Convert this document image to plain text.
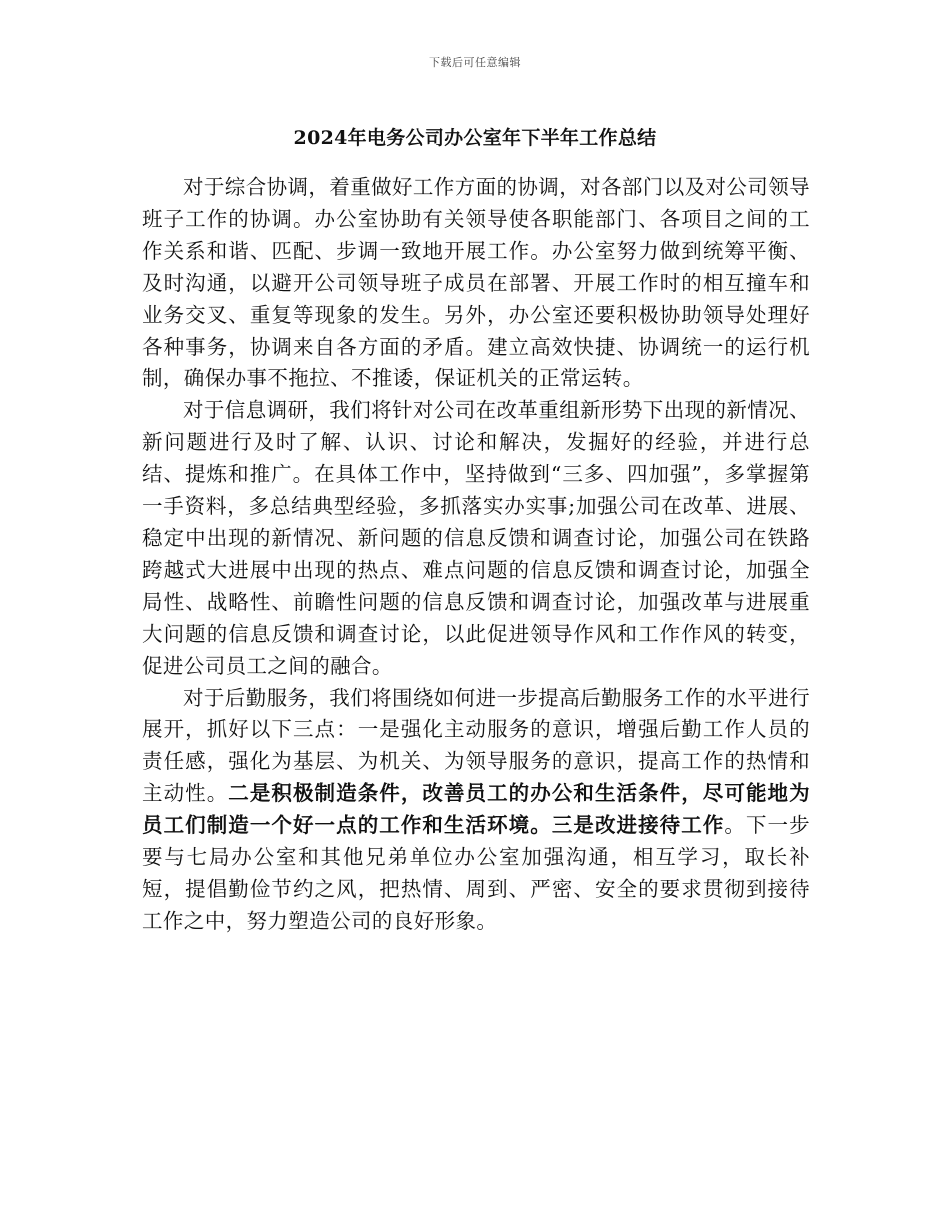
下载后可任意编辑
2024年电务公司办公室年下半年工作总结

对于综合协调，着重做好工作方面的协调，对各部门以及对公司领导班子工作的协调。办公室协助有关领导使各职能部门、各项目之间的工作关系和谐、匹配、步调一致地开展工作。办公室努力做到统筹平衡、及时沟通，以避开公司领导班子成员在部署、开展工作时的相互撞车和业务交叉、重复等现象的发生。另外，办公室还要积极协助领导处理好各种事务，协调来自各方面的矛盾。建立高效快捷、协调统一的运行机制，确保办事不拖拉、不推诿，保证机关的正常运转。

对于信息调研，我们将针对公司在改革重组新形势下出现的新情况、新问题进行及时了解、认识、讨论和解决，发掘好的经验，并进行总结、提炼和推广。在具体工作中，坚持做到“三多、四加强”，多掌握第一手资料，多总结典型经验，多抓落实办实事;加强公司在改革、进展、稳定中出现的新情况、新问题的信息反馈和调查讨论，加强公司在铁路跨越式大进展中出现的热点、难点问题的信息反馈和调查讨论，加强全局性、战略性、前瞻性问题的信息反馈和调查讨论，加强改革与进展重大问题的信息反馈和调查讨论，以此促进领导作风和工作作风的转变，促进公司员工之间的融合。

对于后勤服务，我们将围绕如何进一步提高后勤服务工作的水平进行展开，抓好以下三点：一是强化主动服务的意识，增强后勤工作人员的责任感，强化为基层、为机关、为领导服务的意识，提高工作的热情和主动性。二是积极制造条件，改善员工的办公和生活条件，尽可能地为员工们制造一个好一点的工作和生活环境。三是改进接待工作。下一步要与七局办公室和其他兄弟单位办公室加强沟通，相互学习，取长补短，提倡勤俭节约之风，把热情、周到、严密、安全的要求贯彻到接待工作之中，努力塑造公司的良好形象。
